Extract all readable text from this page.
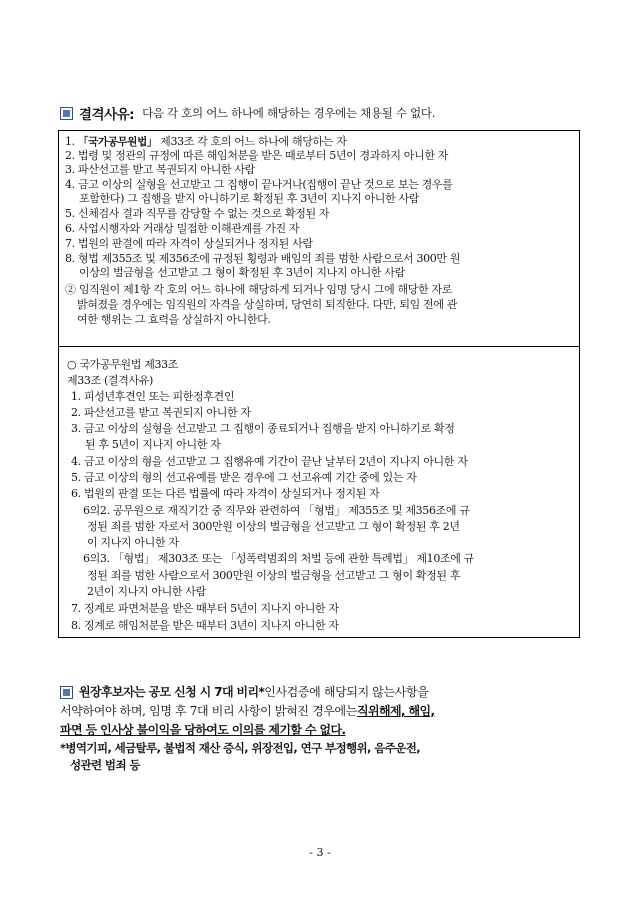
결격사유: 다음 각 호의 어느 하나에 해당하는 경우에는 채용될 수 없다.
1. 「국가공무원법」 제33조 각 호의 어느 하나에 해당하는 자
2. 법령 및 정관의 규정에 따른 해임처분을 받은 때로부터 5년이 경과하지 아니한 자
3. 파산선고를 받고 복권되지 아니한 사람
4. 금고 이상의 실형을 선고받고 그 집행이 끝나거나(집행이 끝난 것으로 보는 경우를
포함한다) 그 집행을 받지 아니하기로 확정된 후 3년이 지나지 아니한 사람
5. 신체검사 결과 직무를 감당할 수 없는 것으로 확정된 자
6. 사업시행자와 거래상 밀접한 이해관계를 가진 자
7. 법원의 판결에 따라 자격이 상실되거나 정지된 사람
8. 형법 제355조 및 제356조에 규정된 횡령과 배임의 죄를 범한 사람으로서 300만 원
이상의 벌금형을 선고받고 그 형이 확정된 후 3년이 지나지 아니한 사람
② 임직원이 제1항 각 호의 어느 하나에 해당하게 되거나 임명 당시 그에 해당한 자로
밝혀졌을 경우에는 임직원의 자격을 상실하며, 당연히 퇴직한다. 다만, 퇴임 전에 관
여한 행위는 그 효력을 상실하지 아니한다.
○ 국가공무원법 제33조
제33조 (결격사유)
1. 피성년후견인 또는 피한정후견인
2. 파산선고를 받고 복권되지 아니한 자
3. 금고 이상의 실형을 선고받고 그 집행이 종료되거나 집행을 받지 아니하기로 확정
된 후 5년이 지나지 아니한 자
4. 금고 이상의 형을 선고받고 그 집행유예 기간이 끝난 날부터 2년이 지나지 아니한 자
5. 금고 이상의 형의 선고유예를 받은 경우에 그 선고유예 기간 중에 있는 자
6. 법원의 판결 또는 다른 법률에 따라 자격이 상실되거나 정지된 자
6의2. 공무원으로 재직기간 중 직무와 관련하여 「형법」 제355조 및 제356조에 규
정된 죄를 범한 자로서 300만원 이상의 벌금형을 선고받고 그 형이 확정된 후 2년
이 지나지 아니한 자
6의3. 「형법」 제303조 또는 「성폭력범죄의 처벌 등에 관한 특례법」 제10조에 규
정된 죄를 범한 사람으로서 300만원 이상의 벌금형을 선고받고 그 형이 확정된 후
2년이 지나지 아니한 사람
7. 징계로 파면처분을 받은 때부터 5년이 지나지 아니한 자
8. 징계로 해임처분을 받은 때부터 3년이 지나지 아니한 자
원장후보자는 공모 신청 시 7대 비리* 인사검증에 해당되지 않는사항을
서약하여야 하며, 임명 후 7대 비리 사항이 밝혀진 경우에는 직위해제, 해임,
파면 등 인사상 불이익을 당하여도 이의를 제기할 수 없다.
*병역기피, 세금탈루, 불법적 재산 증식, 위장전입, 연구 부정행위, 음주운전,
성관련 범죄 등
- 3 -
